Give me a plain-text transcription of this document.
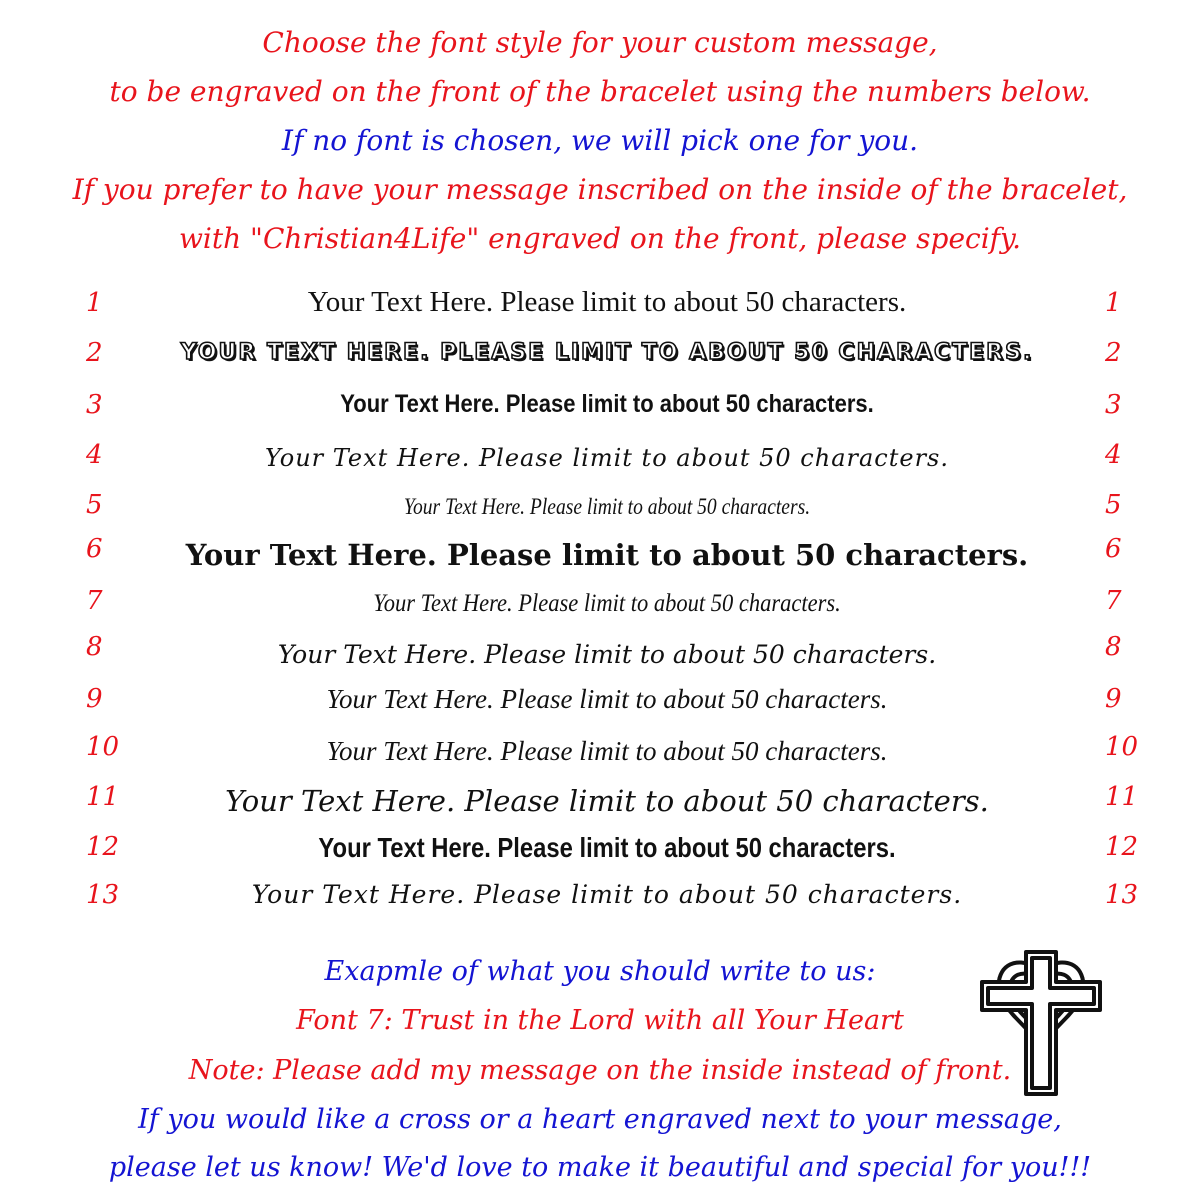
Choose the font style for your custom message,
to be engraved on the front of the bracelet using the numbers below.
If no font is chosen, we will pick one for you.
If you prefer to have your message inscribed on the inside of the bracelet,
with "Christian4Life" engraved on the front, please specify.
1	Your Text Here. Please limit to about 50 characters.	1
2	YOUR TEXT HERE. PLEASE LIMIT TO ABOUT 50 CHARACTERS.	2
3	Your Text Here. Please limit to about 50 characters.	3
4	Your Text Here. Please limit to about 50 characters.	4
5	Your Text Here. Please limit to about 50 characters.	5
6	Your Text Here. Please limit to about 50 characters.	6
7	Your Text Here. Please limit to about 50 characters.	7
8	Your Text Here. Please limit to about 50 characters.	8
9	Your Text Here. Please limit to about 50 characters.	9
10	Your Text Here. Please limit to about 50 characters.	10
11	Your Text Here. Please limit to about 50 characters.	11
12	Your Text Here. Please limit to about 50 characters.	12
13	Your Text Here. Please limit to about 50 characters.	13
Exapmle of what you should write to us:
Font 7: Trust in the Lord with all Your Heart
Note: Please add my message on the inside instead of front.
If you would like a cross or a heart engraved next to your message,
please let us know! We'd love to make it beautiful and special for you!!!
